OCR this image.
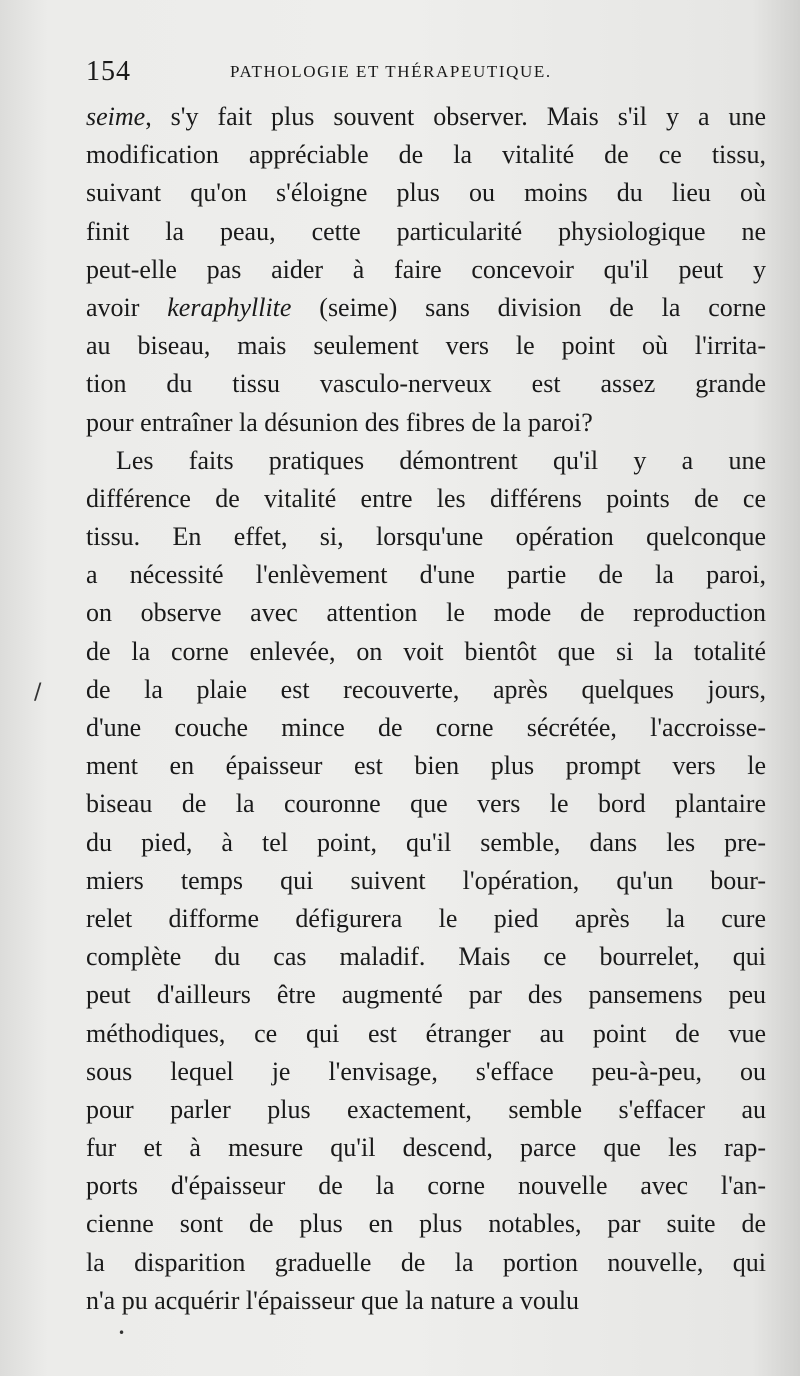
154	PATHOLOGIE ET THÉRAPEUTIQUE.
seime, s'y fait plus souvent observer. Mais s'il y a une
modification appréciable de la vitalité de ce tissu,
suivant qu'on s'éloigne plus ou moins du lieu où
finit la peau, cette particularité physiologique ne
peut-elle pas aider à faire concevoir qu'il peut y
avoir keraphyllite (seime) sans division de la corne
au biseau, mais seulement vers le point où l'irrita-
tion du tissu vasculo-nerveux est assez grande
pour entraîner la désunion des fibres de la paroi?
Les faits pratiques démontrent qu'il y a une
différence de vitalité entre les différens points de ce
tissu. En effet, si, lorsqu'une opération quelconque
a nécessité l'enlèvement d'une partie de la paroi,
on observe avec attention le mode de reproduction
de la corne enlevée, on voit bientôt que si la totalité
de la plaie est recouverte, après quelques jours,
d'une couche mince de corne sécrétée, l'accroisse-
ment en épaisseur est bien plus prompt vers le
biseau de la couronne que vers le bord plantaire
du pied, à tel point, qu'il semble, dans les pre-
miers temps qui suivent l'opération, qu'un bour-
relet difforme défigurera le pied après la cure
complète du cas maladif. Mais ce bourrelet, qui
peut d'ailleurs être augmenté par des pansemens peu
méthodiques, ce qui est étranger au point de vue
sous lequel je l'envisage, s'efface peu-à-peu, ou
pour parler plus exactement, semble s'effacer au
fur et à mesure qu'il descend, parce que les rap-
ports d'épaisseur de la corne nouvelle avec l'an-
cienne sont de plus en plus notables, par suite de
la disparition graduelle de la portion nouvelle, qui
n'a pu acquérir l'épaisseur que la nature a voulu
/
•
